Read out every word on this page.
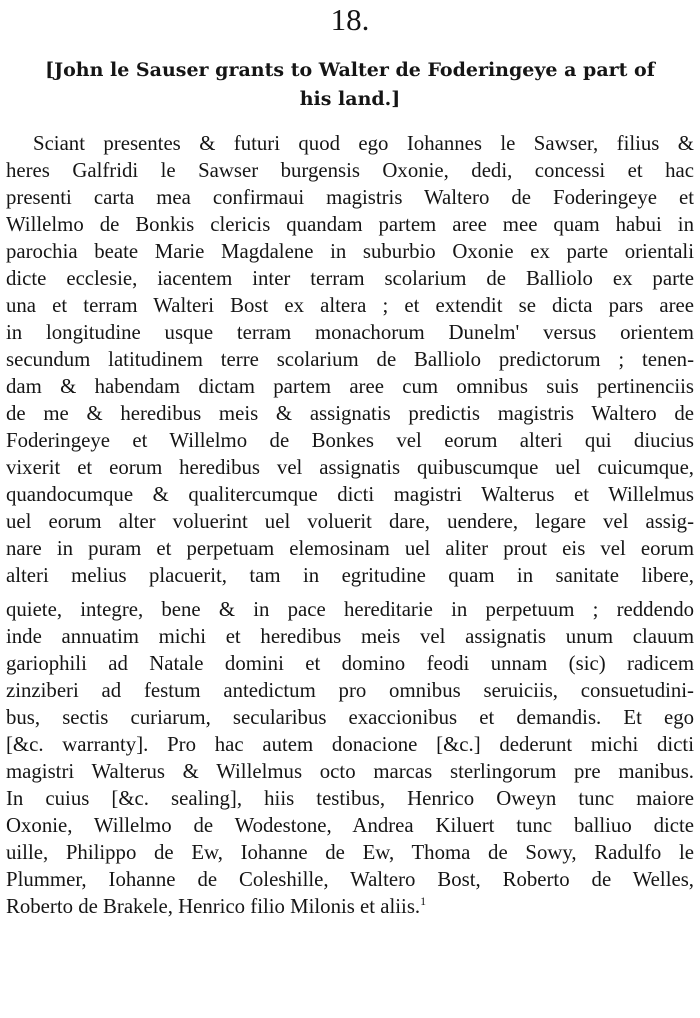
18.
[John le Sauser grants to Walter de Foderingeye a part of
his land.]
Sciant presentes & futuri quod ego Iohannes le Sawser, filius &
heres Galfridi le Sawser burgensis Oxonie, dedi, concessi et hac
presenti carta mea confirmaui magistris Waltero de Foderingeye et
Willelmo de Bonkis clericis quandam partem aree mee quam habui in
parochia beate Marie Magdalene in suburbio Oxonie ex parte orientali
dicte ecclesie, iacentem inter terram scolarium de Balliolo ex parte
una et terram Walteri Bost ex altera ; et extendit se dicta pars aree
in longitudine usque terram monachorum Dunelm' versus orientem
secundum latitudinem terre scolarium de Balliolo predictorum ; tenen-
dam & habendam dictam partem aree cum omnibus suis pertinenciis
de me & heredibus meis & assignatis predictis magistris Waltero de
Foderingeye et Willelmo de Bonkes vel eorum alteri qui diucius
vixerit et eorum heredibus vel assignatis quibuscumque uel cuicumque,
quandocumque & qualitercumque dicti magistri Walterus et Willelmus
uel eorum alter voluerint uel voluerit dare, uendere, legare vel assig-
nare in puram et perpetuam elemosinam uel aliter prout eis vel eorum
alteri melius placuerit, tam in egritudine quam in sanitate libere,
quiete, integre, bene & in pace hereditarie in perpetuum ; reddendo
inde annuatim michi et heredibus meis vel assignatis unum clauum
gariophili ad Natale domini et domino feodi unnam (sic) radicem
zinziberi ad festum antedictum pro omnibus seruiciis, consuetudini-
bus, sectis curiarum, secularibus exaccionibus et demandis. Et ego
[&c. warranty]. Pro hac autem donacione [&c.] dederunt michi dicti
magistri Walterus & Willelmus octo marcas sterlingorum pre manibus.
In cuius [&c. sealing], hiis testibus, Henrico Oweyn tunc maiore
Oxonie, Willelmo de Wodestone, Andrea Kiluert tunc balliuo dicte
uille, Philippo de Ew, Iohanne de Ew, Thoma de Sowy, Radulfo le
Plummer, Iohanne de Coleshille, Waltero Bost, Roberto de Welles,
Roberto de Brakele, Henrico filio Milonis et aliis.$^1$
